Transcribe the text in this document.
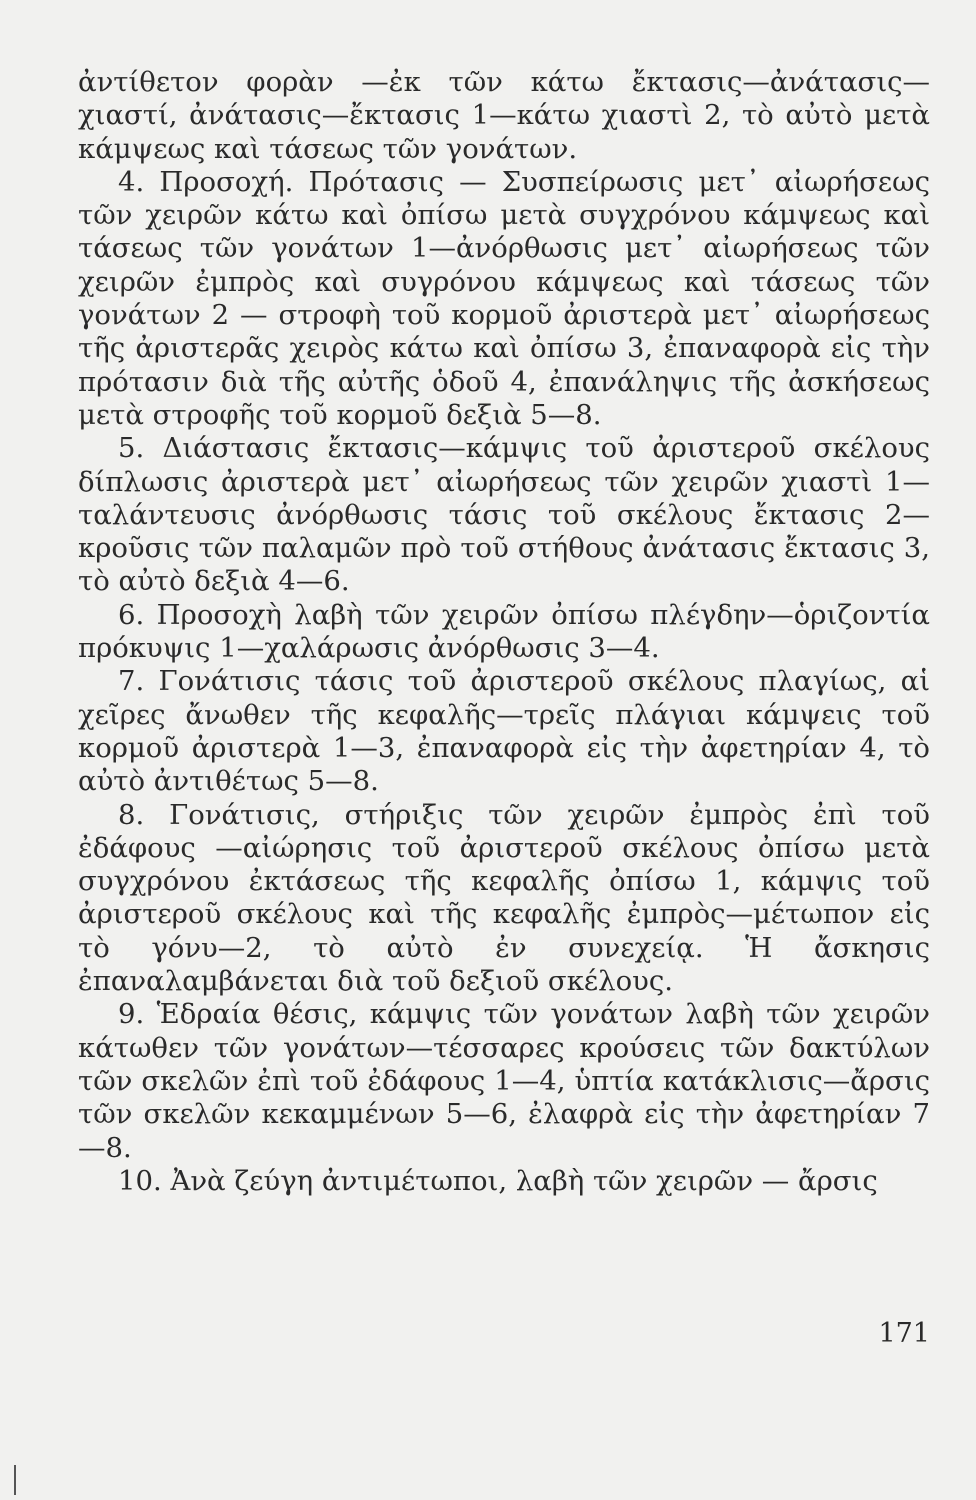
ἀντίθετον φορὰν —ἐκ τῶν κάτω ἔκτασις—ἀνάτασις—χιαστί, ἀνάτασις—ἔκτασις 1—κάτω χιαστὶ 2, τὸ αὐτὸ μετὰ κάμψεως καὶ τάσεως τῶν γονάτων.

4. Προσοχή. Πρότασις — Συσπείρωσις μετ᾽ αἰωρήσεως τῶν χειρῶν κάτω καὶ ὀπίσω μετὰ συγχρόνου κάμψεως καὶ τάσεως τῶν γονάτων 1—ἀνόρθωσις μετ᾽ αἰωρήσεως τῶν χειρῶν ἐμπρὸς καὶ συγρόνου κάμψεως καὶ τάσεως τῶν γονάτων 2 — στροφὴ τοῦ κορμοῦ ἀριστερὰ μετ᾽ αἰωρήσεως τῆς ἀριστερᾶς χειρὸς κάτω καὶ ὀπίσω 3, ἐπαναφορὰ εἰς τὴν πρότασιν διὰ τῆς αὐτῆς ὁδοῦ 4, ἐπανάληψις τῆς ἀσκήσεως μετὰ στροφῆς τοῦ κορμοῦ δεξιὰ 5—8.

5. Διάστασις ἔκτασις—κάμψις τοῦ ἀριστεροῦ σκέλους δίπλωσις ἀριστερὰ μετ᾽ αἰωρήσεως τῶν χειρῶν χιαστὶ 1—ταλάντευσις ἀνόρθωσις τάσις τοῦ σκέλους ἔκτασις 2—κροῦσις τῶν παλαμῶν πρὸ τοῦ στήθους ἀνάτασις ἔκτασις 3, τὸ αὐτὸ δεξιὰ 4—6.

6. Προσοχὴ λαβὴ τῶν χειρῶν ὀπίσω πλέγδην—ὁριζοντία πρόκυψις 1—χαλάρωσις ἀνόρθωσις 3—4.

7. Γονάτισις τάσις τοῦ ἀριστεροῦ σκέλους πλαγίως, αἱ χεῖρες ἄνωθεν τῆς κεφαλῆς—τρεῖς πλάγιαι κάμψεις τοῦ κορμοῦ ἀριστερὰ 1—3, ἐπαναφορὰ εἰς τὴν ἀφετηρίαν 4, τὸ αὐτὸ ἀντιθέτως 5—8.

8. Γονάτισις, στήριξις τῶν χειρῶν ἐμπρὸς ἐπὶ τοῦ ἐδάφους —αἰώρησις τοῦ ἀριστεροῦ σκέλους ὀπίσω μετὰ συγχρόνου ἐκτάσεως τῆς κεφαλῆς ὀπίσω 1, κάμψις τοῦ ἀριστεροῦ σκέλους καὶ τῆς κεφαλῆς ἐμπρὸς—μέτωπον εἰς τὸ γόνυ—2, τὸ αὐτὸ ἐν συνεχείᾳ. Ἡ ἄσκησις ἐπαναλαμβάνεται διὰ τοῦ δεξιοῦ σκέλους.

9. Ἑδραία θέσις, κάμψις τῶν γονάτων λαβὴ τῶν χειρῶν κάτωθεν τῶν γονάτων—τέσσαρες κρούσεις τῶν δακτύλων τῶν σκελῶν ἐπὶ τοῦ ἐδάφους 1—4, ὑπτία κατάκλισις—ἄρσις τῶν σκελῶν κεκαμμένων 5—6, ἐλαφρὰ εἰς τὴν ἀφετηρίαν 7—8.

10. Ἀνὰ ζεύγη ἀντιμέτωποι, λαβὴ τῶν χειρῶν — ἄρσις

171
